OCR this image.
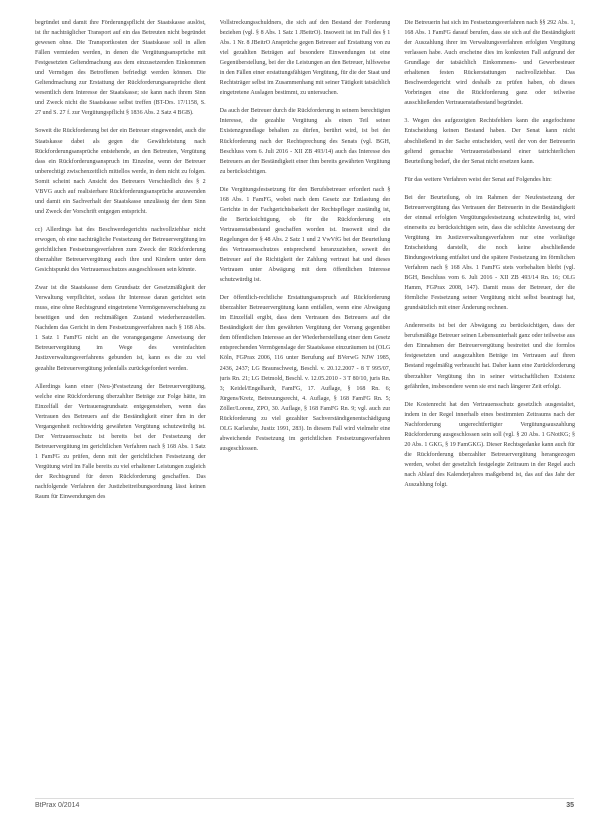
begründet und damit ihre Förderungspflicht der Staatskasse auslöst, ist ihr nachträglicher Transport auf ein das Betreuten nicht begründet gewesen ohne. Die Transportkosten der Staatskasse soll in allen Fällen vermieden werden, in denen die Vergütungsansprüche mit Festgesetzten Geltendmachung aus dem einzusetzenden Einkommen und Vermögen des Betroffenen befriedigt werden können. Die Geltendmachung zur Erstattung der Rückforderungsansprüche dient wesentlich dem Interesse der Staatskasse; sie kann nach ihrem Sinn und Zweck nicht die Staatskasse selbst treffen (BT-Drs. 17/1158, S. 27 und S. 27 f. zur Vergütungspflicht § 1836 Abs. 2 Satz 4 BGB).

Soweit die Rückforderung bei der ein Betreuer eingewendet, auch die Staatskasse dabei als gegen die Gewährleistung nach Rückforderungsansprüche entstehende, an den Betreuten, Vergütung dass ein Rückforderungsanspruch im Einzelne, wenn der Betreuer unberechtigt zwischenzeitlich mittellos werde, in dem nicht zu folgen. Somit scheint nach Ansicht des Betreuers Verschiedlich des § 2 VBVG auch auf realisierbare Rückforderungsansprüche anzuwenden und damit ein Sachverhalt der Staatskasse unzulässig der dem Sinn und Zweck der Vorschrift entgegen entspricht.

cc) Allerdings hat des Beschwerdegerichts nachvollziehbar nicht erwogen, ob eine nachträgliche Festsetzung der Betreuervergütung im gerichtlichen Festsetzungsverfahren zum Zweck der Rückforderung überzahlter Betreuervergütung auch ihre und Kindern unter dem Gesichtspunkt des Vertrauensschutzes ausgeschlossen sein könnte.

Zwar ist die Staatskasse dem Grundsatz der Gesetzmäßigkeit der Verwaltung verpflichtet, sodass ihr Interesse daran gerichtet sein muss, eine ohne Rechtsgrund eingetretene Vermögensverschiebung zu beseitigen und den rechtmäßigen Zustand wiederherzustellen. Nachdem das Gericht in dem Festsetzungsverfahren nach § 168 Abs. 1 Satz 1 FamFG nicht an die vorangegangene Anweisung der Betreuervergütung im Wege des vereinfachten Justizverwaltungsverfahrens gebunden ist, kann es die zu viel gezahlte Betreuervergütung jedenfalls zurückgefordert werden.

Allerdings kann einer (Neu-)Festsetzung der Betreuervergütung, welche eine Rückforderung überzahlter Beträge zur Folge hätte, im Einzelfall der Vertrauensgrundsatz entgegenstehen, wenn das Vertrauen des Betreuers auf die Beständigkeit einer ihm in der Vergangenheit rechtswidrig gewährten Vergütung schutzwürdig ist. Der Vertrauensschutz ist bereits bei der Festsetzung der Betreuervergütung im gerichtlichen Verfahren nach § 168 Abs. 1 Satz 1 FamFG zu prüfen, denn mit der gerichtlichen Festsetzung der Vergütung wird im Falle bereits zu viel erhaltener Leistungen zugleich der Rechtsgrund für deren Rückforderung geschaffen. Das nachfolgende Verfahren der Justizbeitreibungsordnung lässt keinen Raum für Einwendungen des

Vollstreckungsschuldners, die sich auf den Bestand der Forderung beziehen (vgl. § 8 Abs. 1 Satz 1 JBeitrO). Insoweit ist im Fall des § 1 Abs. 1 Nr. 8 JBeitrO Ansprüche gegen Betreuer auf Erstattung von zu viel gezahlten Beträgen auf besondere Einwendungen ist eine Gegenüberstellung, bei der die Leistungen an den Betreuer, hilfsweise in den Fällen einer erstattungsfähigen Vergütung, für die der Staat und Rechtsträger selbst im Zusammenhang mit seiner Tätigkeit tatsächlich eingetretene Auslagen bestimmt, zu untersuchen.

Da auch der Betreuer durch die Rückforderung in seinem berechtigten Interesse, die gezahlte Vergütung als einen Teil seiner Existenzgrundlage behalten zu dürfen, berührt wird, ist bei der Rückforderung nach der Rechtsprechung des Senats (vgl. BGH, Beschluss vom 6. Juli 2016 - XII ZB 493/14) auch das Interesse des Betreuers an der Beständigkeit einer ihm bereits gewährten Vergütung zu berücksichtigen.

Die Vergütungsfestsetzung für den Berufsbetreuer erfordert nach § 168 Abs. 1 FamFG, wobei nach dem Gesetz zur Entlastung der Gerichte in der Fachgerichtsbarkeit der Rechtspfleger zuständig ist, die Berücksichtigung, ob für die Rückforderung ein Vertrauenstatbestand geschaffen worden ist. Insoweit sind die Regelungen der § 48 Abs. 2 Satz 1 und 2 VwVfG bei der Beurteilung des Vertrauensschutzes entsprechend heranzuziehen, soweit der Betreuer auf die Richtigkeit der Zahlung vertraut hat und dieses Vertrauen unter Abwägung mit dem öffentlichen Interesse schutzwürdig ist.

Der öffentlich-rechtliche Erstattungsanspruch auf Rückforderung überzahlter Betreuervergütung kann entfallen, wenn eine Abwägung im Einzelfall ergibt, dass dem Vertrauen des Betreuers auf die Beständigkeit der ihm gewährten Vergütung der Vorrang gegenüber dem öffentlichen Interesse an der Wiederherstellung einer dem Gesetz entsprechenden Vermögenslage der Staatskasse einzuräumen ist (OLG Köln, FGPrax 2006, 116 unter Berufung auf BVerwG NJW 1985, 2436, 2437; LG Braunschweig, Beschl. v. 20.12.2007 - 8 T 995/07, juris Rn. 21; LG Detmold, Beschl. v. 12.05.2010 - 3 T 80/10, juris Rn. 3; Keidel/Engelhardt, FamFG, 17. Auflage, § 168 Rn. 6; Jürgens/Kretz, Betreuungsrecht, 4. Auflage, § 168 FamFG Rn. 5; Zöller/Lorenz, ZPO, 30. Auflage, § 168 FamFG Rn. 9; vgl. auch zur Rückforderung zu viel gezahlter Sachverständigenentschädigung OLG Karlsruhe, Justiz 1991, 283). In diesem Fall wird vielmehr eine abweichende Festsetzung im gerichtlichen Festsetzungsverfahren ausgeschlossen.

Die Betreuerin hat sich im Festsetzungsverfahren nach §§ 292 Abs. 1, 168 Abs. 1 FamFG darauf berufen, dass sie sich auf die Beständigkeit der Auszahlung ihrer im Verwaltungsverfahren erfolgten Vergütung verlassen habe. Auch erscheine dies im konkreten Fall aufgrund der Grundlage der tatsächlich Einkommens- und Gewerbesteuer erhaltenen festen Rückerstattungen nachvollziehbar. Das Beschwerdegericht wird deshalb zu prüfen haben, ob dieses Vorbringen eine die Rückforderung ganz oder teilweise ausschließenden Vertrauenstatbestand begründet.

3. Wegen des aufgezeigten Rechtsfehlers kann die angefochtene Entscheidung keinen Bestand haben. Der Senat kann nicht abschließend in der Sache entscheiden, weil der von der Betreuerin geltend gemachte Vertrauenstatbestand einer tatrichterlichen Beurteilung bedarf, die der Senat nicht ersetzen kann.

Für das weitere Verfahren weist der Senat auf Folgendes hin:

Bei der Beurteilung, ob im Rahmen der Neufestsetzung der Betreuervergütung das Vertrauen der Betreuerin in die Beständigkeit der einmal erfolgten Vergütungsfestsetzung schutzwürdig ist, wird einerseits zu berücksichtigen sein, dass die schlichte Anweisung der Vergütung im Justizverwaltungsverfahren nur eine vorläufige Entscheidung darstellt, die noch keine abschließende Bindungswirkung entfaltet und die spätere Festsetzung im förmlichen Verfahren nach § 168 Abs. 1 FamFG stets vorbehalten bleibt (vgl. BGH, Beschluss vom 6. Juli 2016 - XII ZB 493/14 Rn. 16; OLG Hamm, FGPrax 2008, 147). Damit muss der Betreuer, der die förmliche Festsetzung seiner Vergütung nicht selbst beantragt hat, grundsätzlich mit einer Änderung rechnen.

Andererseits ist bei der Abwägung zu berücksichtigen, dass der berufsmäßige Betreuer seinen Lebensunterhalt ganz oder teilweise aus den Einnahmen der Betreuervergütung bestreitet und die formlos festgesetzten und ausgezahlten Beträge im Vertrauen auf ihren Bestand regelmäßig verbraucht hat. Daher kann eine Zurückforderung überzahlter Vergütung ihn in seiner wirtschaftlichen Existenz gefährden, insbesondere wenn sie erst nach längerer Zeit erfolgt.

Die Kostenrecht hat den Vertrauensschutz gesetzlich ausgestaltet, indem in der Regel innerhalb eines bestimmten Zeitraums nach der Nachforderung ungerechtfertigter Vergütungsauszahlung Rückforderung ausgeschlossen sein soll (vgl. § 20 Abs. 1 GNotKG; § 20 Abs. 1 GKG, § 19 FamGKG). Dieser Rechtsgedanke kann auch für die Rückforderung überzahlter Betreuervergütung herangezogen werden, wobei der gesetzlich festgelegte Zeitraum in der Regel auch nach Ablauf des Kalenderjahres maßgebend ist, das auf das Jahr der Auszahlung folgt.

BtPrax 0/2014	35
